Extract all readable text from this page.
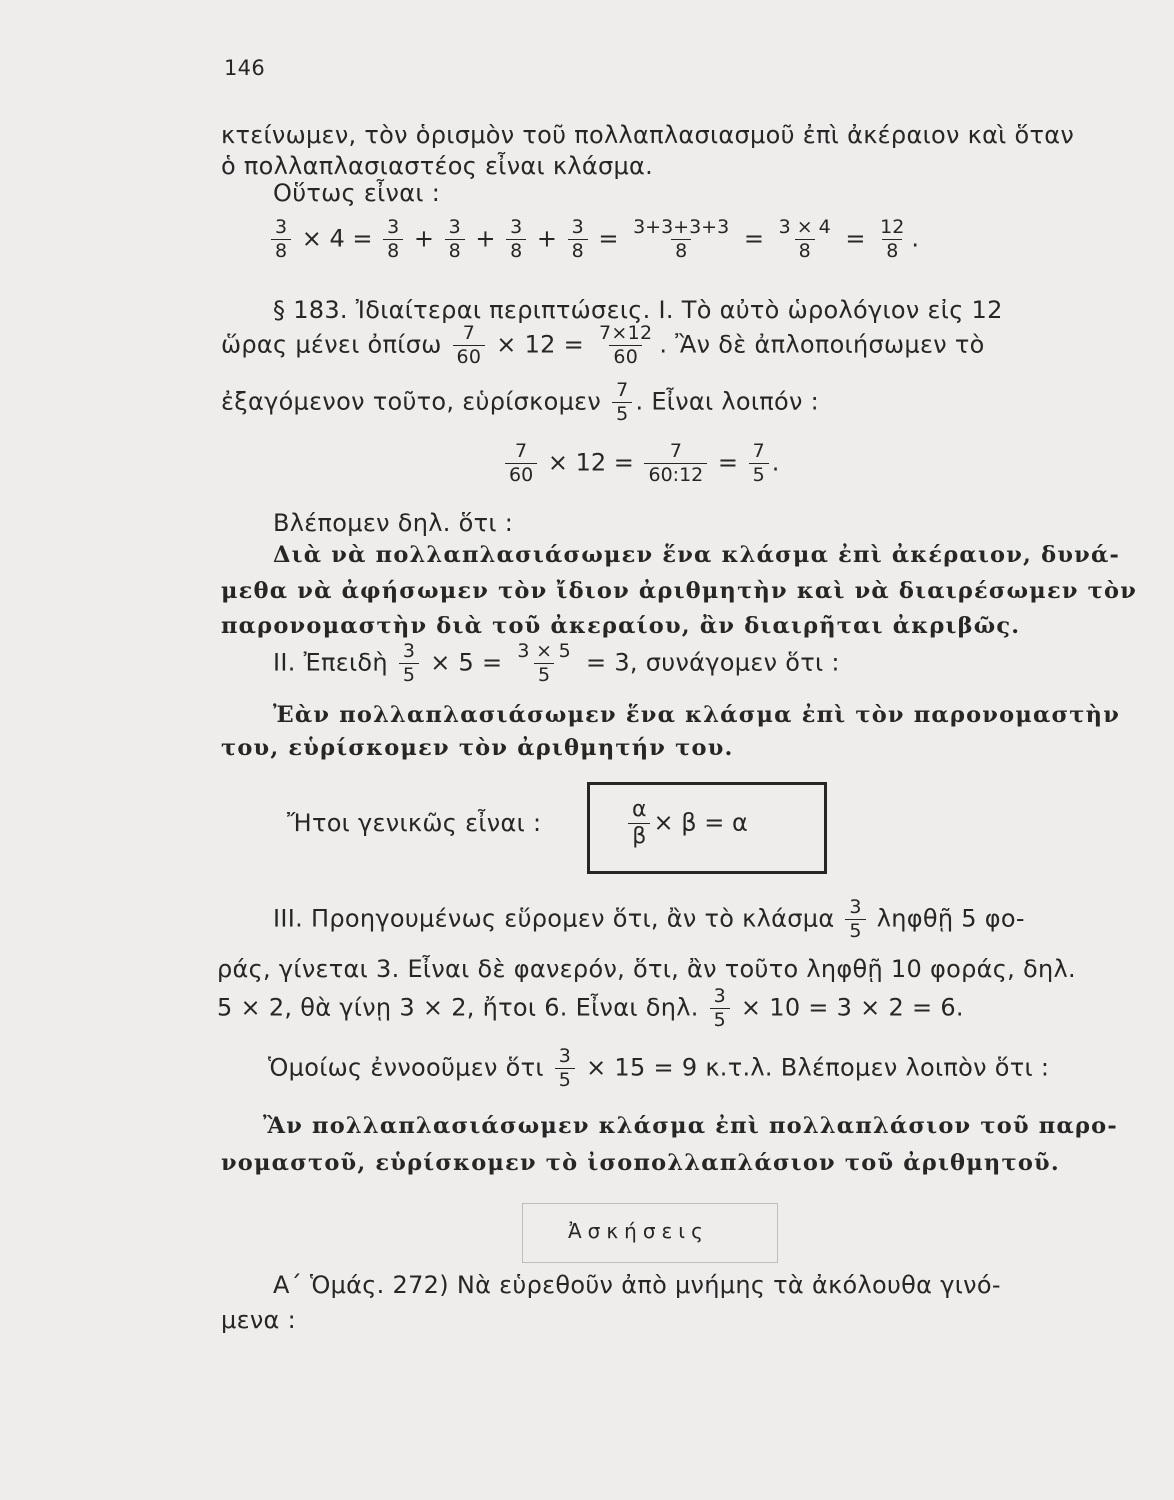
146
κτείνωμεν, τὸν ὁρισμὸν τοῦ πολλαπλασιασμοῦ ἐπὶ ἀκέραιον καὶ ὅταν
ὁ πολλαπλασιαστέος εἶναι κλάσμα.
Οὕτως εἶναι :
$\frac{3}{8} \times 4 = \frac{3}{8} + \frac{3}{8} + \frac{3}{8} + \frac{3}{8} = \frac{3+3+3+3}{8} = \frac{3 \times 4}{8} = \frac{12}{8}$ .
§ 183. Ἰδιαίτεραι περιπτώσεις. Ι. Τὸ αὐτὸ ὡρολόγιον εἰς 12
ὥρας μένει ὀπίσω $\frac{7}{60} \times 12 = \frac{7\times 12}{60}$ . Ἂν δὲ ἀπλοποιήσωμεν τὸ
ἐξαγόμενον τοῦτο, εὑρίσκομεν $\frac{7}{5}$ . Εἶναι λοιπόν :
$\frac{7}{60} \times 12 = \frac{7}{60:12} = \frac{7}{5}$ .
Βλέπομεν δηλ. ὅτι :
Διὰ νὰ πολλαπλασιάσωμεν ἕνα κλάσμα ἐπὶ ἀκέραιον, δυνά-
μεθα νὰ ἀφήσωμεν τὸν ἴδιον ἀριθμητὴν καὶ νὰ διαιρέσωμεν τὸν
παρονομαστὴν διὰ τοῦ ἀκεραίου, ἂν διαιρῆται ἀκριβῶς.
ΙΙ. Ἐπειδὴ $\frac{3}{5} \times 5 = \frac{3 \times 5}{5} = 3$, συνάγομεν ὅτι :
Ἐὰν πολλαπλασιάσωμεν ἕνα κλάσμα ἐπὶ τὸν παρονομαστὴν
του, εὑρίσκομεν τὸν ἀριθμητήν του.
Ἤτοι γενικῶς εἶναι :	$\frac{\alpha}{\beta} \times \beta = \alpha$
ΙΙΙ. Προηγουμένως εὕρομεν ὅτι, ἂν τὸ κλάσμα $\frac{3}{5}$ ληφθῇ 5 φο-
ράς, γίνεται 3. Εἶναι δὲ φανερόν, ὅτι, ἂν τοῦτο ληφθῇ 10 φοράς, δηλ.
5 × 2, θὰ γίνῃ 3 × 2, ἤτοι 6. Εἶναι δηλ. $\frac{3}{5} \times 10 = 3 \times 2 = 6$.
Ὁμοίως ἐννοοῦμεν ὅτι $\frac{3}{5} \times 15 = 9$ κ.τ.λ. Βλέπομεν λοιπὸν ὅτι :
Ἂν πολλαπλασιάσωμεν κλάσμα ἐπὶ πολλαπλάσιον τοῦ παρο-
νομαστοῦ, εὑρίσκομεν τὸ ἰσοπολλαπλάσιον τοῦ ἀριθμητοῦ.
Ἀσκήσεις
Α΄ Ὁμάς. 272) Νὰ εὑρεθοῦν ἀπὸ μνήμης τὰ ἀκόλουθα γινό-
μενα :
